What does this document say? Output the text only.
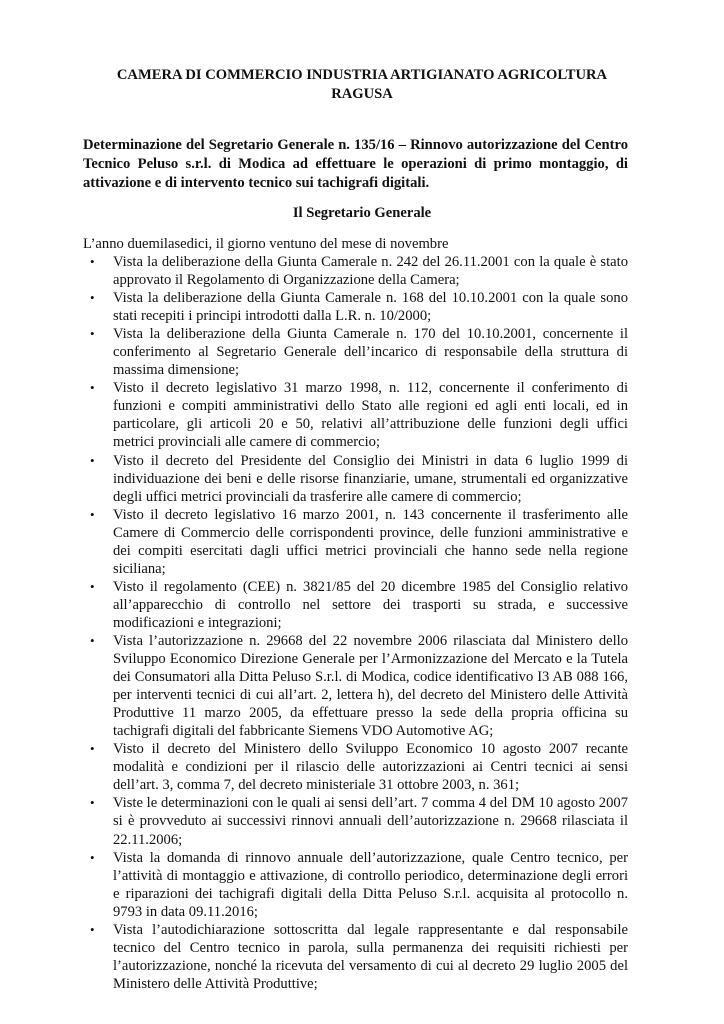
CAMERA DI COMMERCIO INDUSTRIA ARTIGIANATO AGRICOLTURA
RAGUSA
Determinazione del Segretario Generale n. 135/16 – Rinnovo autorizzazione del Centro Tecnico Peluso s.r.l. di Modica ad effettuare le operazioni di primo montaggio, di attivazione e di intervento tecnico sui tachigrafi digitali.
Il Segretario Generale
L’anno duemilasedici, il giorno ventuno del mese di novembre
• Vista la deliberazione della Giunta Camerale n. 242 del 26.11.2001 con la quale è stato approvato il Regolamento di Organizzazione della Camera;
• Vista la deliberazione della Giunta Camerale n. 168 del 10.10.2001 con la quale sono stati recepiti i principi introdotti dalla L.R. n. 10/2000;
• Vista la deliberazione della Giunta Camerale n. 170 del 10.10.2001, concernente il conferimento al Segretario Generale dell’incarico di responsabile della struttura di massima dimensione;
• Visto il decreto legislativo 31 marzo 1998, n. 112, concernente il conferimento di funzioni e compiti amministrativi dello Stato alle regioni ed agli enti locali, ed in particolare, gli articoli 20 e 50, relativi all’attribuzione delle funzioni degli uffici metrici provinciali alle camere di commercio;
• Visto il decreto del Presidente del Consiglio dei Ministri in data 6 luglio 1999 di individuazione dei beni e delle risorse finanziarie, umane, strumentali ed organizzative degli uffici metrici provinciali da trasferire alle camere di commercio;
• Visto il decreto legislativo 16 marzo 2001, n. 143 concernente il trasferimento alle Camere di Commercio delle corrispondenti province, delle funzioni amministrative e dei compiti esercitati dagli uffici metrici provinciali che hanno sede nella regione siciliana;
• Visto il regolamento (CEE) n. 3821/85 del 20 dicembre 1985 del Consiglio relativo all’apparecchio di controllo nel settore dei trasporti su strada, e successive modificazioni e integrazioni;
• Vista l’autorizzazione n. 29668 del 22 novembre 2006 rilasciata dal Ministero dello Sviluppo Economico Direzione Generale per l’Armonizzazione del Mercato e la Tutela dei Consumatori alla Ditta Peluso S.r.l. di Modica, codice identificativo I3 AB 088 166, per interventi tecnici di cui all’art. 2, lettera h), del decreto del Ministero delle Attività Produttive 11 marzo 2005, da effettuare presso la sede della propria officina su tachigrafi digitali del fabbricante Siemens VDO Automotive AG;
• Visto il decreto del Ministero dello Sviluppo Economico 10 agosto 2007 recante modalità e condizioni per il rilascio delle autorizzazioni ai Centri tecnici ai sensi dell’art. 3, comma 7, del decreto ministeriale 31 ottobre 2003, n. 361;
• Viste le determinazioni con le quali ai sensi dell’art. 7 comma 4 del DM 10 agosto 2007 si è provveduto ai successivi rinnovi annuali dell’autorizzazione n. 29668 rilasciata il 22.11.2006;
• Vista la domanda di rinnovo annuale dell’autorizzazione, quale Centro tecnico, per l’attività di montaggio e attivazione, di controllo periodico, determinazione degli errori e riparazioni dei tachigrafi digitali della Ditta Peluso S.r.l. acquisita al protocollo n. 9793 in data 09.11.2016;
• Vista l’autodichiarazione sottoscritta dal legale rappresentante e dal responsabile tecnico del Centro tecnico in parola, sulla permanenza dei requisiti richiesti per l’autorizzazione, nonché la ricevuta del versamento di cui al decreto 29 luglio 2005 del Ministero delle Attività Produttive;
